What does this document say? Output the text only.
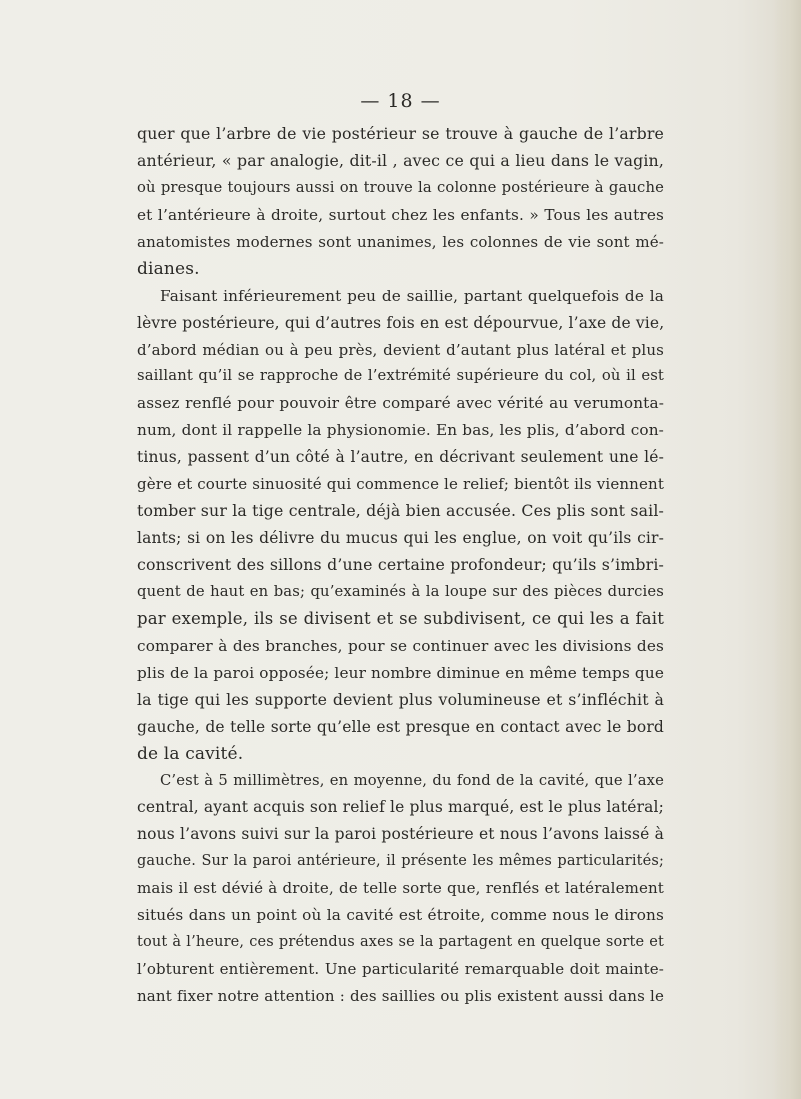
— 18 —
quer que l’arbre de vie postérieur se trouve à gauche de l’arbre
antérieur, « par analogie, dit-il , avec ce qui a lieu dans le vagin,
où presque toujours aussi on trouve la colonne postérieure à gauche
et l’antérieure à droite, surtout chez les enfants. » Tous les autres
anatomistes modernes sont unanimes, les colonnes de vie sont mé-
dianes.
Faisant inférieurement peu de saillie, partant quelquefois de la
lèvre postérieure, qui d’autres fois en est dépourvue, l’axe de vie,
d’abord médian ou à peu près, devient d’autant plus latéral et plus
saillant qu’il se rapproche de l’extrémité supérieure du col, où il est
assez renflé pour pouvoir être comparé avec vérité au verumonta-
num, dont il rappelle la physionomie. En bas, les plis, d’abord con-
tinus, passent d’un côté à l’autre, en décrivant seulement une lé-
gère et courte sinuosité qui commence le relief; bientôt ils viennent
tomber sur la tige centrale, déjà bien accusée. Ces plis sont sail-
lants; si on les délivre du mucus qui les englue, on voit qu’ils cir-
conscrivent des sillons d’une certaine profondeur; qu’ils s’imbri-
quent de haut en bas; qu’examinés à la loupe sur des pièces durcies
par exemple, ils se divisent et se subdivisent, ce qui les a fait
comparer à des branches, pour se continuer avec les divisions des
plis de la paroi opposée; leur nombre diminue en même temps que
la tige qui les supporte devient plus volumineuse et s’infléchit à
gauche, de telle sorte qu’elle est presque en contact avec le bord
de la cavité.
C’est à 5 millimètres, en moyenne, du fond de la cavité, que l’axe
central, ayant acquis son relief le plus marqué, est le plus latéral;
nous l’avons suivi sur la paroi postérieure et nous l’avons laissé à
gauche. Sur la paroi antérieure, il présente les mêmes particularités;
mais il est dévié à droite, de telle sorte que, renflés et latéralement
situés dans un point où la cavité est étroite, comme nous le dirons
tout à l’heure, ces prétendus axes se la partagent en quelque sorte et
l’obturent entièrement. Une particularité remarquable doit mainte-
nant fixer notre attention : des saillies ou plis existent aussi dans le
